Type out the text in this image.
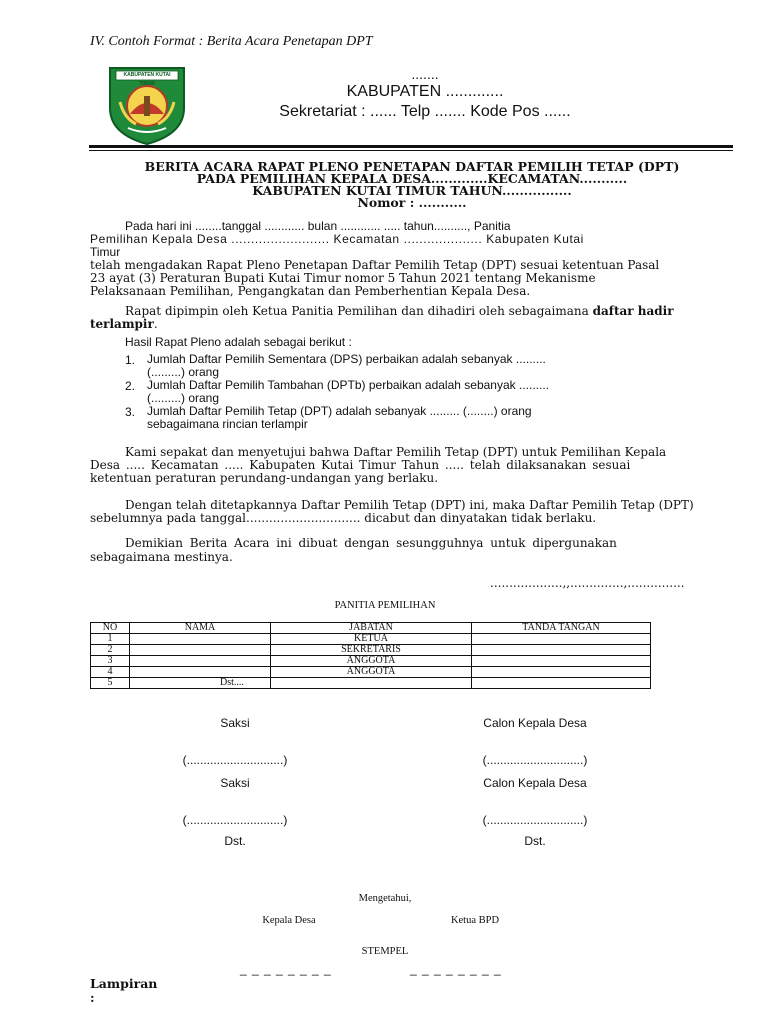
IV. Contoh Format : Berita Acara Penetapan DPT
KABUPATEN KUTAI TIMUR
.......
KABUPATEN .............
Sekretariat : ...... Telp ....... Kode Pos ......
BERITA ACARA RAPAT PLENO PENETAPAN DAFTAR PEMILIH TETAP (DPT)
PADA PEMILIHAN KEPALA DESA.............KECAMATAN...........
KABUPATEN KUTAI TIMUR TAHUN................
Nomor : ...........
Pada hari ini ........tanggal ............ bulan ............ ..... tahun.........., Panitia
Pemilihan Kepala Desa ......................... Kecamatan .................... Kabupaten Kutai
Timur
telah mengadakan Rapat Pleno Penetapan Daftar Pemilih Tetap (DPT) sesuai ketentuan Pasal
23 ayat (3) Peraturan Bupati Kutai Timur nomor 5 Tahun 2021 tentang Mekanisme
Pelaksanaan Pemilihan, Pengangkatan dan Pemberhentian Kepala Desa.
Rapat dipimpin oleh Ketua Panitia Pemilihan dan dihadiri oleh sebagaimana daftar hadir
terlampir.
Hasil Rapat Pleno adalah sebagai berikut :
1. Jumlah Daftar Pemilih Sementara (DPS) perbaikan adalah sebanyak .........
(.........) orang
2. Jumlah Daftar Pemilih Tambahan (DPTb) perbaikan adalah sebanyak .........
(.........) orang
3. Jumlah Daftar Pemilih Tetap (DPT) adalah sebanyak ......... (........) orang
sebagaimana rincian terlampir
Kami sepakat dan menyetujui bahwa Daftar Pemilih Tetap (DPT) untuk Pemilihan Kepala
Desa ..... Kecamatan ..... Kabupaten Kutai Timur Tahun ..... telah dilaksanakan sesuai
ketentuan peraturan perundang-undangan yang berlaku.
Dengan telah ditetapkannya Daftar Pemilih Tetap (DPT) ini, maka Daftar Pemilih Tetap (DPT)
sebelumnya pada tanggal.............................. dicabut dan dinyatakan tidak berlaku.
Demikian Berita Acara ini dibuat dengan sesungguhnya untuk dipergunakan
sebagaimana mestinya.
...................,,..............,...............
PANITIA PEMILIHAN
NO	NAMA	JABATAN	TANDA TANGAN
1		KETUA	
2		SEKRETARIS	
3		ANGGOTA	
4		ANGGOTA	
5	Dst....		
Saksi	Calon Kepala Desa
(.............................)	(.............................)
Saksi	Calon Kepala Desa
(.............................)	(.............................)
Dst.	Dst.
Mengetahui,
Kepala Desa	Ketua BPD
STEMPEL
_ _ _ _ _ _ _ _	_ _ _ _ _ _ _ _
Lampiran
:
